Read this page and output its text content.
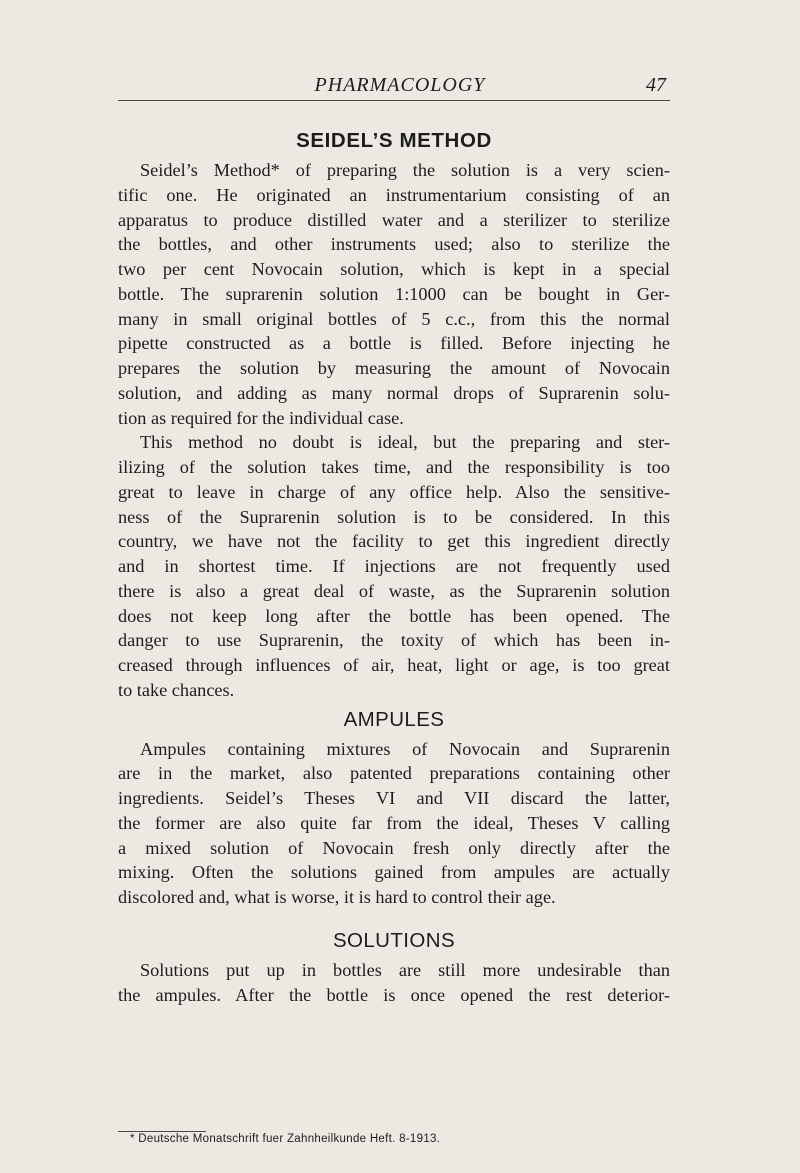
PHARMACOLOGY	47
SEIDEL’S METHOD
Seidel’s Method* of preparing the solution is a very scien-
tific one. He originated an instrumentarium consisting of an
apparatus to produce distilled water and a sterilizer to sterilize
the bottles, and other instruments used; also to sterilize the
two per cent Novocain solution, which is kept in a special
bottle. The suprarenin solution 1:1000 can be bought in Ger-
many in small original bottles of 5 c.c., from this the normal
pipette constructed as a bottle is filled. Before injecting he
prepares the solution by measuring the amount of Novocain
solution, and adding as many normal drops of Suprarenin solu-
tion as required for the individual case.
This method no doubt is ideal, but the preparing and ster-
ilizing of the solution takes time, and the responsibility is too
great to leave in charge of any office help. Also the sensitive-
ness of the Suprarenin solution is to be considered. In this
country, we have not the facility to get this ingredient directly
and in shortest time. If injections are not frequently used
there is also a great deal of waste, as the Suprarenin solution
does not keep long after the bottle has been opened. The
danger to use Suprarenin, the toxity of which has been in-
creased through influences of air, heat, light or age, is too great
to take chances.
AMPULES
Ampules containing mixtures of Novocain and Suprarenin
are in the market, also patented preparations containing other
ingredients. Seidel’s Theses VI and VII discard the latter,
the former are also quite far from the ideal, Theses V calling
a mixed solution of Novocain fresh only directly after the
mixing. Often the solutions gained from ampules are actually
discolored and, what is worse, it is hard to control their age.
SOLUTIONS
Solutions put up in bottles are still more undesirable than
the ampules. After the bottle is once opened the rest deterior-
* Deutsche Monatschrift fuer Zahnheilkunde Heft. 8-1913.
